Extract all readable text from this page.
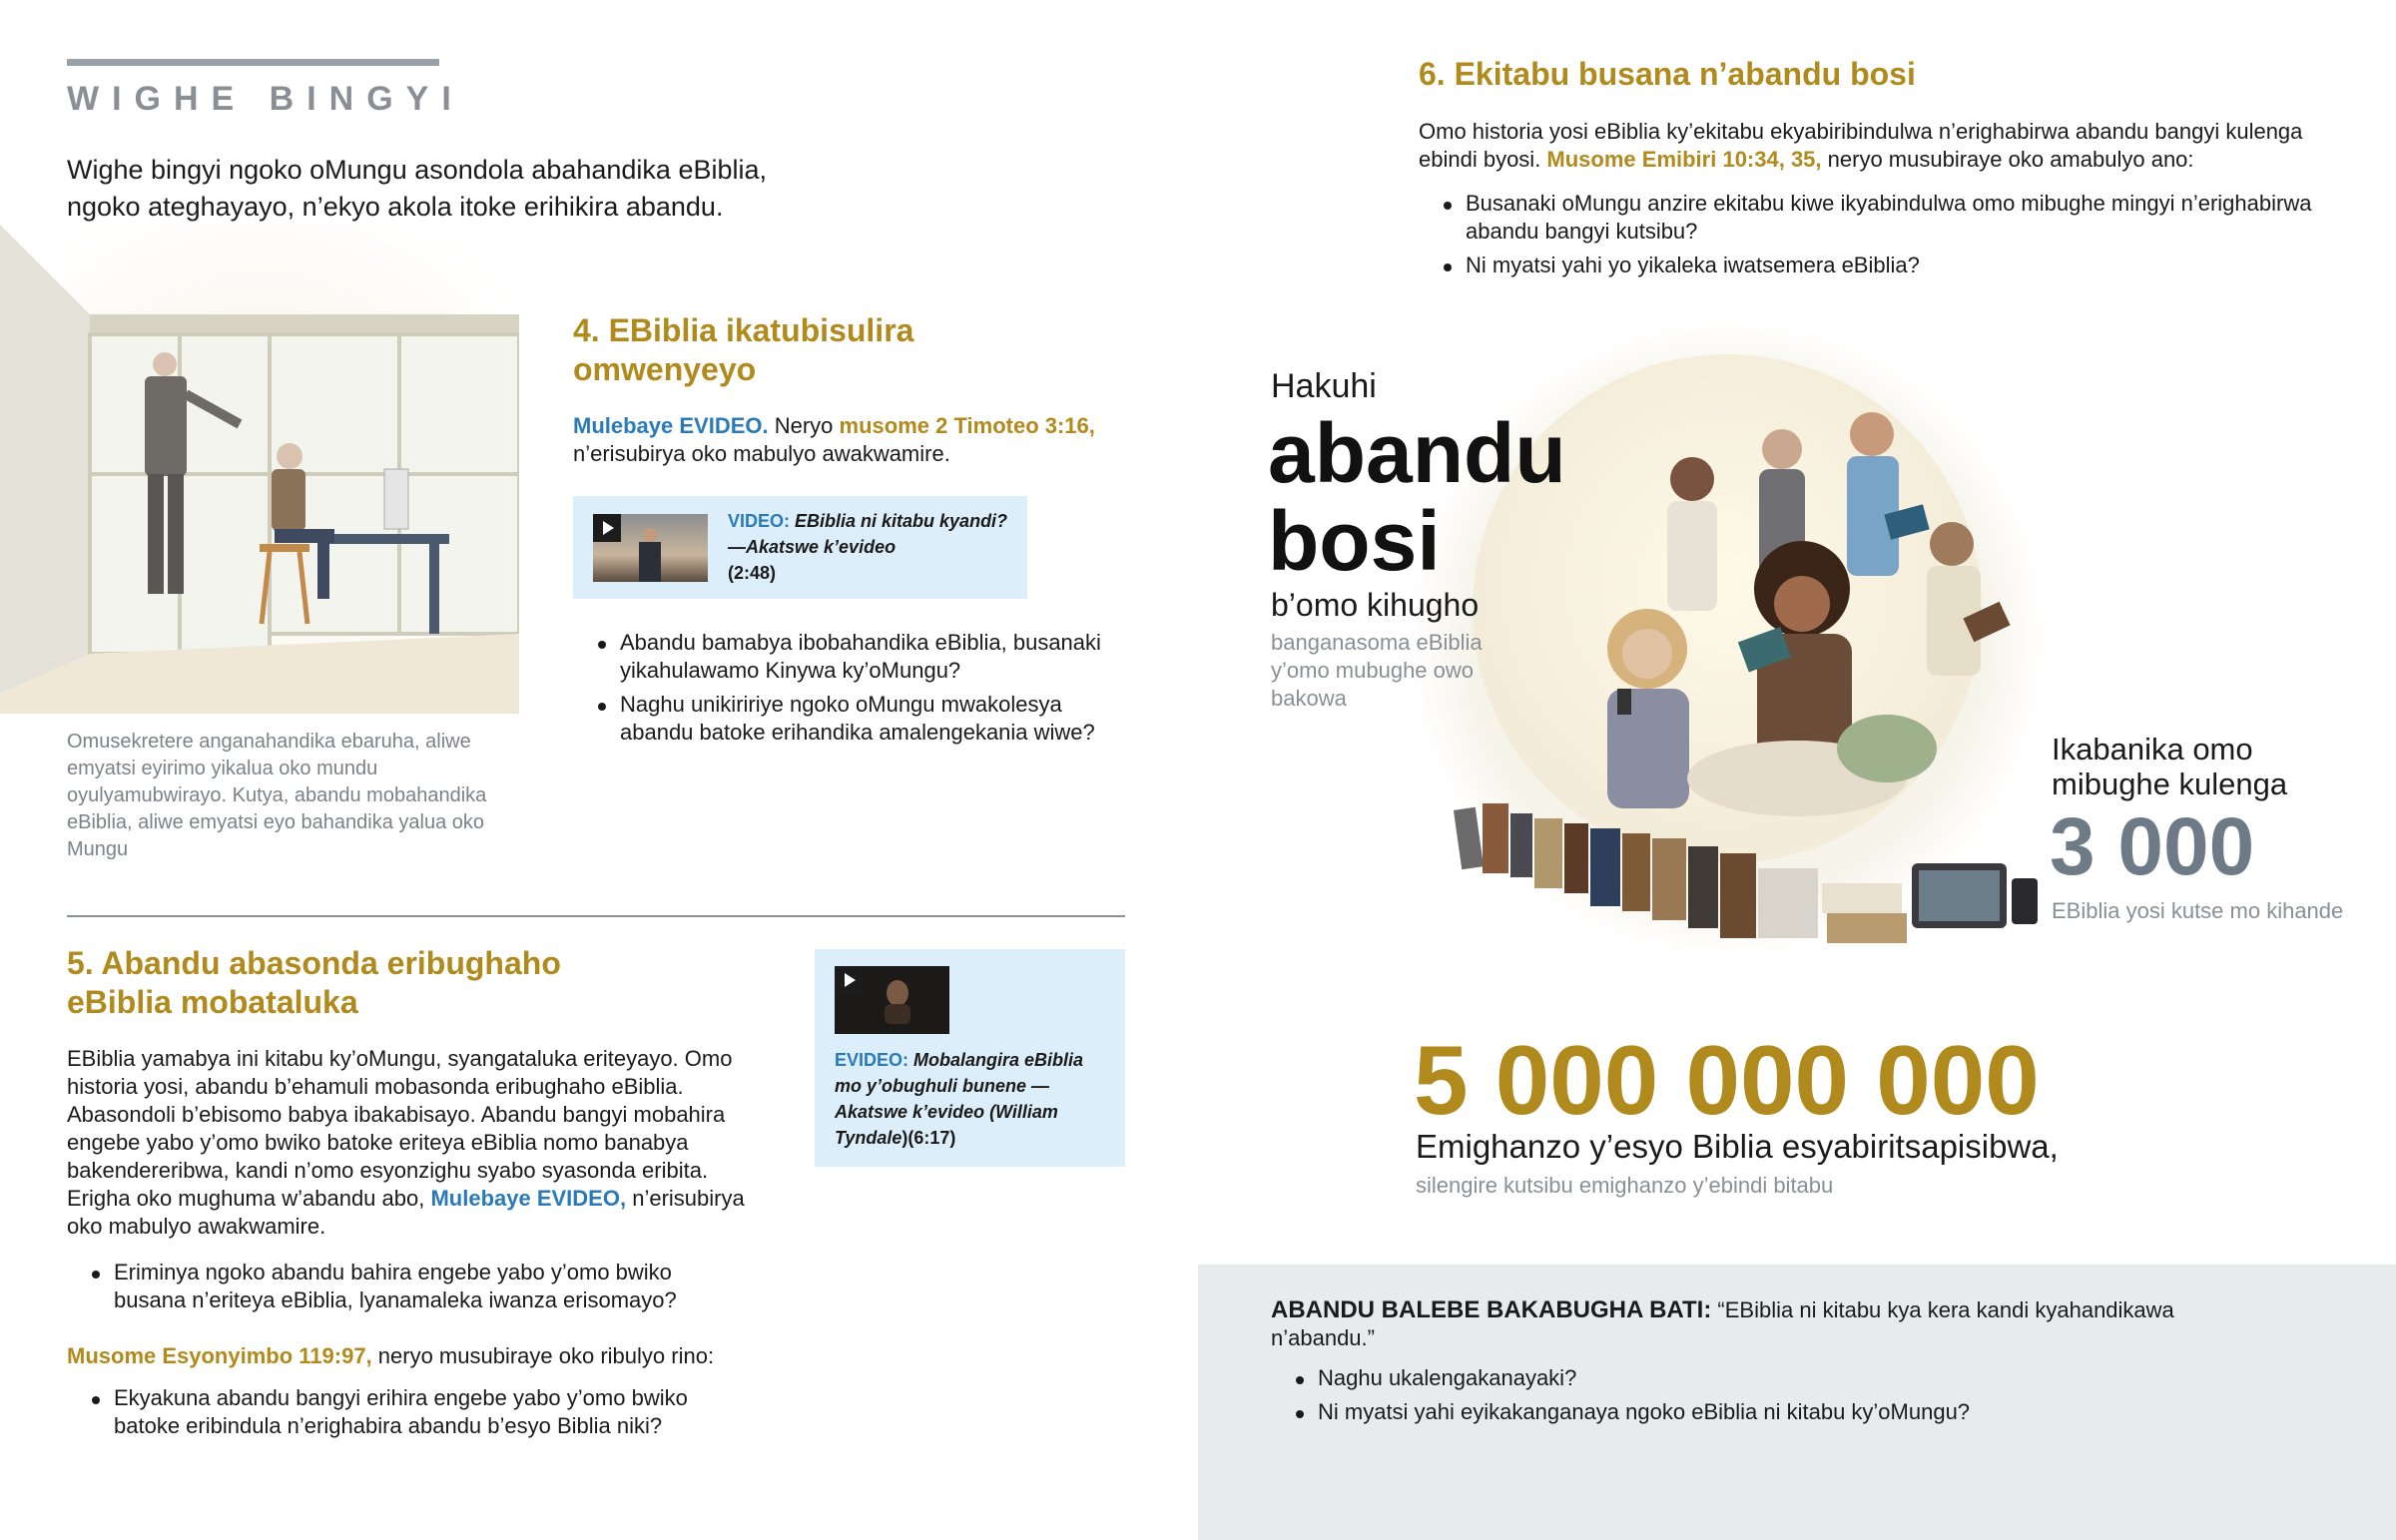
WIGHE BINGYI

Wighe bingyi ngoko oMungu asondola abahandika eBiblia, ngoko ateghayayo, n’ekyo akola itoke erihikira abandu.

Omusekretere anganahandika ebaruha, aliwe emyatsi eyirimo yikalua oko mundu oyulyamubwirayo. Kutya, abandu mobahandika eBiblia, aliwe emyatsi eyo bahandika yalua oko Mungu

4. EBiblia ikatubisulira omwenyeyo

Mulebaye EVIDEO. Neryo musome 2 Timoteo 3:16, n’erisubirya oko mabulyo awakwamire.

VIDEO: EBiblia ni kitabu kyandi?—Akatswe k’evideo
(2:48)
Abandu bamabya ibobahandika eBiblia, busanaki yikahulawamo Kinywa ky’oMungu?
Naghu unikiririye ngoko oMungu mwakolesya abandu batoke erihandika amalengekania wiwe?
5. Abandu abasonda eribughaho eBiblia mobataluka

EBiblia yamabya ini kitabu ky’oMungu, syangataluka eriteyayo. Omo historia yosi, abandu b’ehamuli mobasonda eribughaho eBiblia. Abasondoli b’ebisomo babya ibakabisayo. Abandu bangyi mobahira engebe yabo y’omo bwiko batoke eriteya eBiblia nomo banabya bakendereribwa, kandi n’omo esyonzighu syabo syasonda eribita. Erigha oko mughuma w’abandu abo, Mulebaye EVIDEO, n’erisubirya oko mabulyo awakwamire.

Eriminya ngoko abandu bahira engebe yabo y’omo bwiko busana n’eriteya eBiblia, lyanamaleka iwanza erisomayo?

Musome Esyonyimbo 119:97, neryo musubiraye oko ribulyo rino:

Ekyakuna abandu bangyi erihira engebe yabo y’omo bwiko batoke eribindula n’erighabira abandu b’esyo Biblia niki?
EVIDEO: Mobalangira eBiblia mo y’obughuli bunene —Akatswe k’evideo (William Tyndale)(6:17)
6. Ekitabu busana n’abandu bosi

Omo historia yosi eBiblia ky’ekitabu ekyabiribindulwa n’erighabirwa abandu bangyi kulenga ebindi byosi. Musome Emibiri 10:34, 35, neryo musubiraye oko amabulyo ano:

Busanaki oMungu anzire ekitabu kiwe ikyabindulwa omo mibughe mingyi n’erighabirwa abandu bangyi kutsibu?
Ni myatsi yahi yo yikaleka iwatsemera eBiblia?
Hakuhi
abandu
bosi
b’omo kihugho

banganasoma eBiblia y’omo mubughe owo bakowa

Ikabanika omo mibughe kulenga

3 000
EBiblia yosi kutse mo kihande
5 000 000 000
Emighanzo y’esyo Biblia esyabiritsapisibwa,
silengire kutsibu emighanzo y’ebindi bitabu

ABANDU BALEBE BAKABUGHA BATI: “EBiblia ni kitabu kya kera kandi kyahandikawa n’abandu.”

Naghu ukalengakanayaki?
Ni myatsi yahi eyikakanganaya ngoko eBiblia ni kitabu ky’oMungu?
